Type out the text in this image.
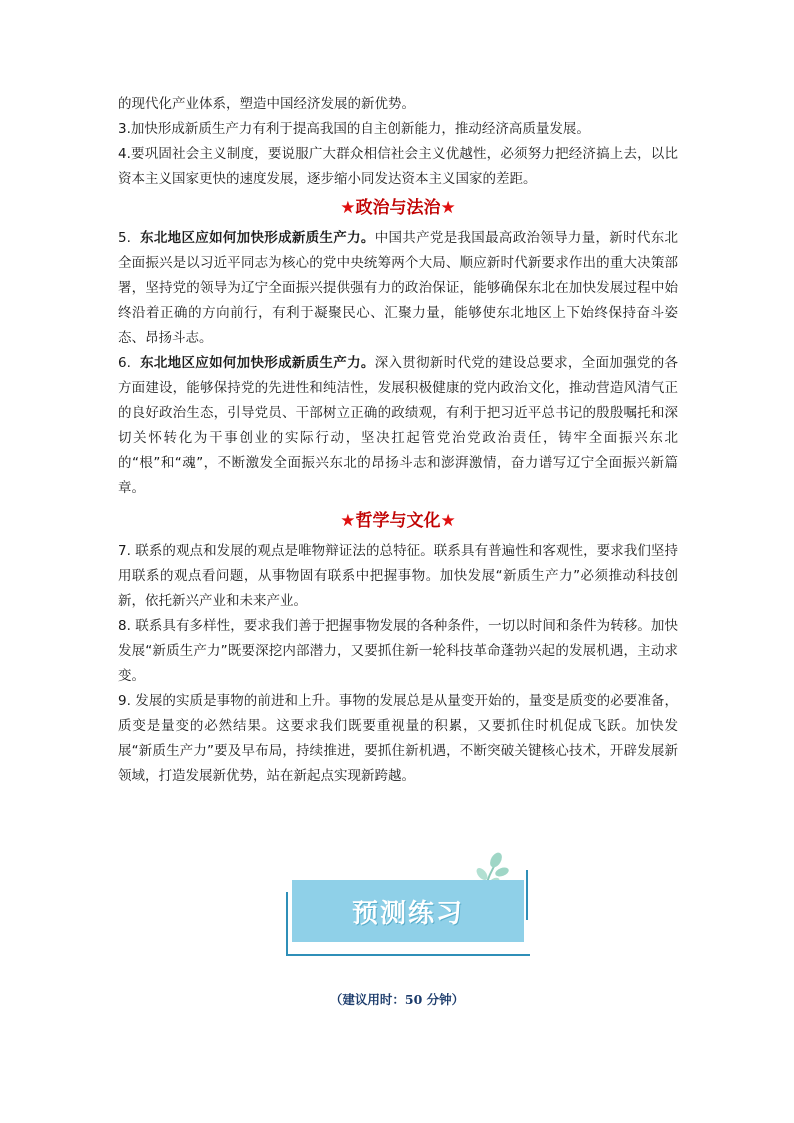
的现代化产业体系，塑造中国经济发展的新优势。

3.加快形成新质生产力有利于提高我国的自主创新能力，推动经济高质量发展。

4.要巩固社会主义制度，要说服广大群众相信社会主义优越性，必须努力把经济搞上去，以比资本主义国家更快的速度发展，逐步缩小同发达资本主义国家的差距。

★政治与法治★

5. 东北地区应如何加快形成新质生产力。中国共产党是我国最高政治领导力量，新时代东北全面振兴是以习近平同志为核心的党中央统筹两个大局、顺应新时代新要求作出的重大决策部署，坚持党的领导为辽宁全面振兴提供强有力的政治保证，能够确保东北在加快发展过程中始终沿着正确的方向前行，有利于凝聚民心、汇聚力量，能够使东北地区上下始终保持奋斗姿态、昂扬斗志。

6. 东北地区应如何加快形成新质生产力。深入贯彻新时代党的建设总要求，全面加强党的各方面建设，能够保持党的先进性和纯洁性，发展积极健康的党内政治文化，推动营造风清气正的良好政治生态，引导党员、干部树立正确的政绩观，有利于把习近平总书记的殷殷嘱托和深切关怀转化为干事创业的实际行动，坚决扛起管党治党政治责任，铸牢全面振兴东北的“根”和“魂”，不断激发全面振兴东北的昂扬斗志和澎湃激情，奋力谱写辽宁全面振兴新篇章。

★哲学与文化★

7. 联系的观点和发展的观点是唯物辩证法的总特征。联系具有普遍性和客观性，要求我们坚持用联系的观点看问题，从事物固有联系中把握事物。加快发展“新质生产力”必须推动科技创新，依托新兴产业和未来产业。

8. 联系具有多样性，要求我们善于把握事物发展的各种条件，一切以时间和条件为转移。加快发展“新质生产力”既要深挖内部潜力，又要抓住新一轮科技革命蓬勃兴起的发展机遇，主动求变。

9. 发展的实质是事物的前进和上升。事物的发展总是从量变开始的，量变是质变的必要准备，质变是量变的必然结果。这要求我们既要重视量的积累，又要抓住时机促成飞跃。加快发展“新质生产力”要及早布局，持续推进，要抓住新机遇，不断突破关键核心技术，开辟发展新领域，打造发展新优势，站在新起点实现新跨越。

预测练习
（建议用时：50 分钟）
